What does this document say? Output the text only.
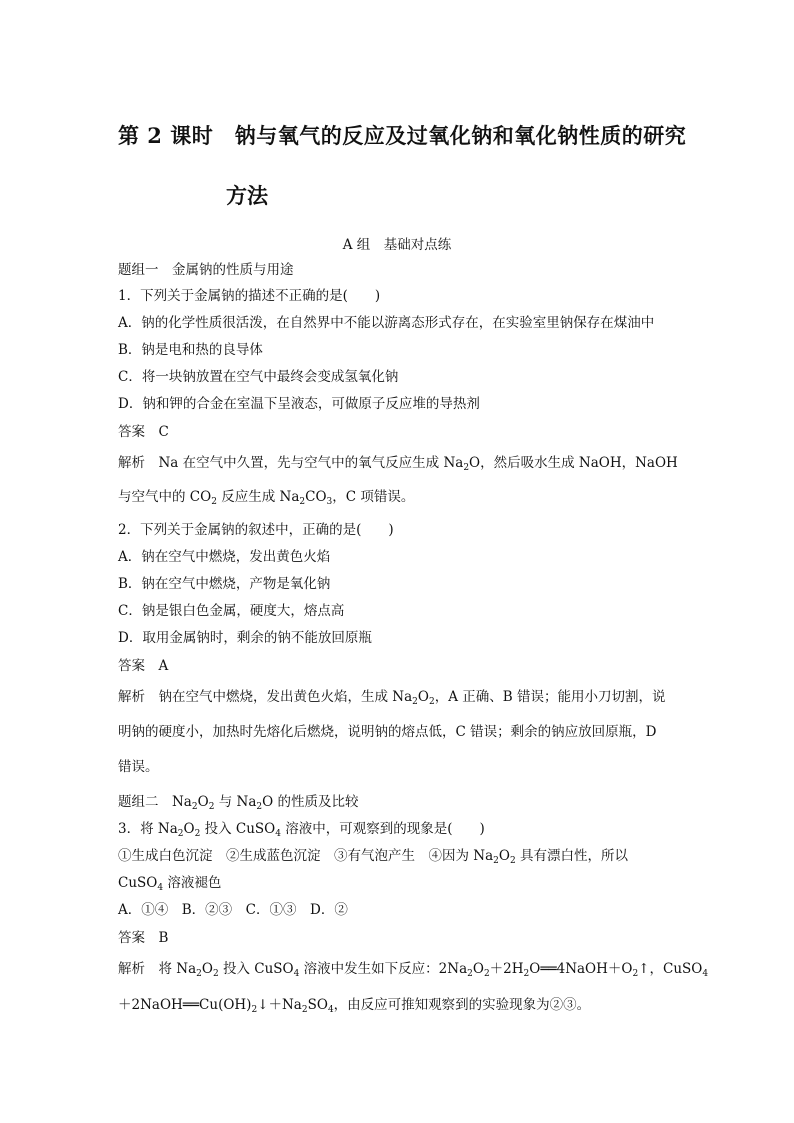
第 2 课时　钠与氧气的反应及过氧化钠和氧化钠性质的研究
方法
A 组　基础对点练
题组一　金属钠的性质与用途
1．下列关于金属钠的描述不正确的是(　　)
A．钠的化学性质很活泼，在自然界中不能以游离态形式存在，在实验室里钠保存在煤油中
B．钠是电和热的良导体
C．将一块钠放置在空气中最终会变成氢氧化钠
D．钠和钾的合金在室温下呈液态，可做原子反应堆的导热剂
答案　C
解析　Na 在空气中久置，先与空气中的氧气反应生成 $Na_2O$，然后吸水生成 NaOH，NaOH
与空气中的 $CO_2$ 反应生成 $Na_2CO_3$，C 项错误。
2．下列关于金属钠的叙述中，正确的是(　　)
A．钠在空气中燃烧，发出黄色火焰
B．钠在空气中燃烧，产物是氧化钠
C．钠是银白色金属，硬度大，熔点高
D．取用金属钠时，剩余的钠不能放回原瓶
答案　A
解析　钠在空气中燃烧，发出黄色火焰，生成 $Na_2O_2$，A 正确、B 错误；能用小刀切割，说
明钠的硬度小，加热时先熔化后燃烧，说明钠的熔点低，C 错误；剩余的钠应放回原瓶，D
错误。
题组二　$Na_2O_2$ 与 $Na_2O$ 的性质及比较
3．将 $Na_2O_2$ 投入 CuSO$_4$ 溶液中，可观察到的现象是(　　)
①生成白色沉淀　②生成蓝色沉淀　③有气泡产生　④因为 $Na_2O_2$ 具有漂白性，所以
CuSO$_4$ 溶液褪色
A．①④　B．②③　C．①③　D．②
答案　B
解析　将 $Na_2O_2$ 投入 CuSO$_4$ 溶液中发生如下反应：$2Na_2O_2+2H_2O══4NaOH+O_2↑$，CuSO$_4$
$+2NaOH══Cu(OH)_2↓+Na_2SO_4$，由反应可推知观察到的实验现象为②③。
